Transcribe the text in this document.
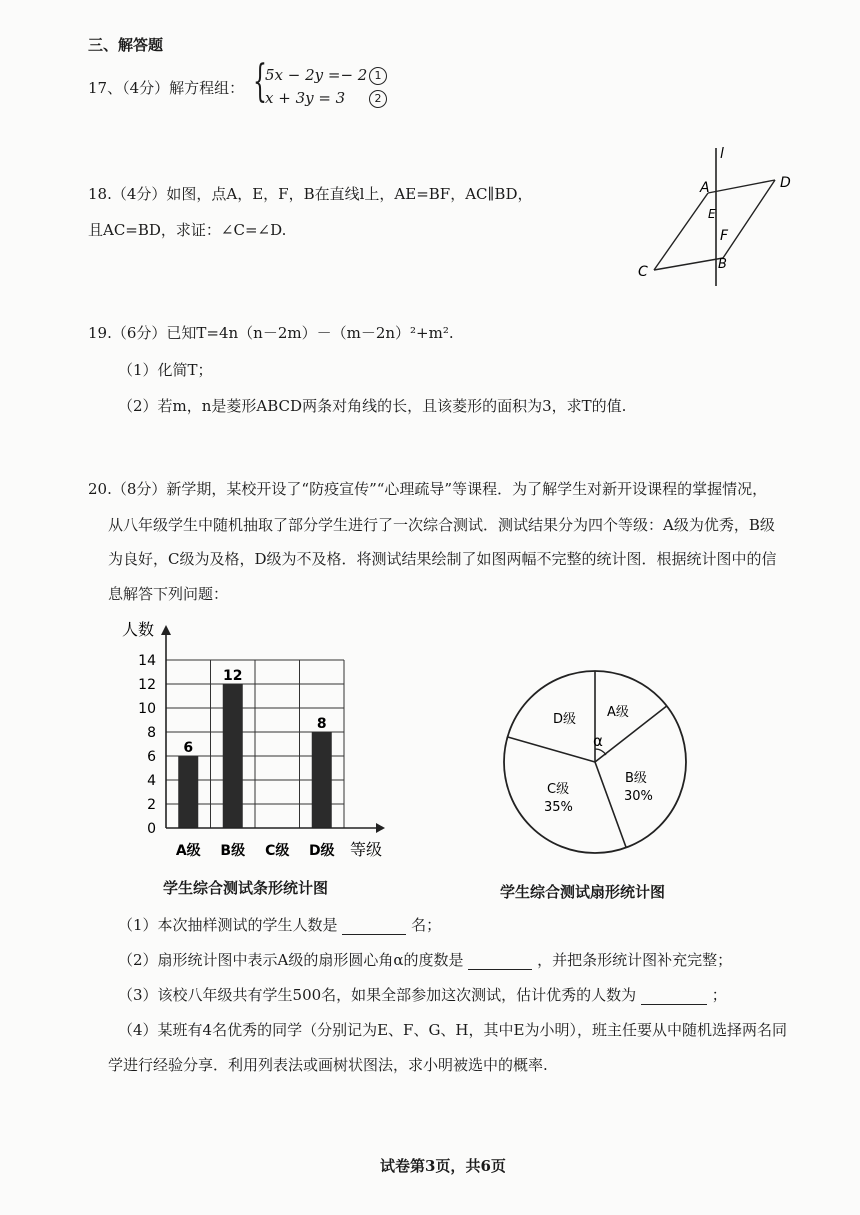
三、解答题
17、（4分）解方程组： {
5x − 2y =− 2 1
x + 3y = 3	2
18.（4分）如图，点A，E，F，B在直线l上，AE=BF，AC∥BD，
且AC=BD，求证：∠C=∠D.
l
A	D
E
F
C	B
19.（6分）已知T=4n（n－2m）－（m－2n）²+m².
（1）化简T；
（2）若m，n是菱形ABCD两条对角线的长，且该菱形的面积为3，求T的值.
20.（8分）新学期，某校开设了“防疫宣传”“心理疏导”等课程．为了解学生对新开设课程的掌握情况，
从八年级学生中随机抽取了部分学生进行了一次综合测试．测试结果分为四个等级：A级为优秀，B级
为良好，C级为及格，D级为不及格．将测试结果绘制了如图两幅不完整的统计图．根据统计图中的信
息解答下列问题：
6
12
8
0
2
4
6
8
10
12
14
A级 B级 C级 D级
人数
等级
学生综合测试条形统计图
α
A级
D级
B级
30%
C级
35%
学生综合测试扇形统计图
（1）本次抽样测试的学生人数是	名；
（2）扇形统计图中表示A级的扇形圆心角α的度数是	，并把条形统计图补充完整；
（3）该校八年级共有学生500名，如果全部参加这次测试，估计优秀的人数为	；
（4）某班有4名优秀的同学（分别记为E、F、G、H，其中E为小明），班主任要从中随机选择两名同
学进行经验分享．利用列表法或画树状图法，求小明被选中的概率.
试卷第3页，共6页
